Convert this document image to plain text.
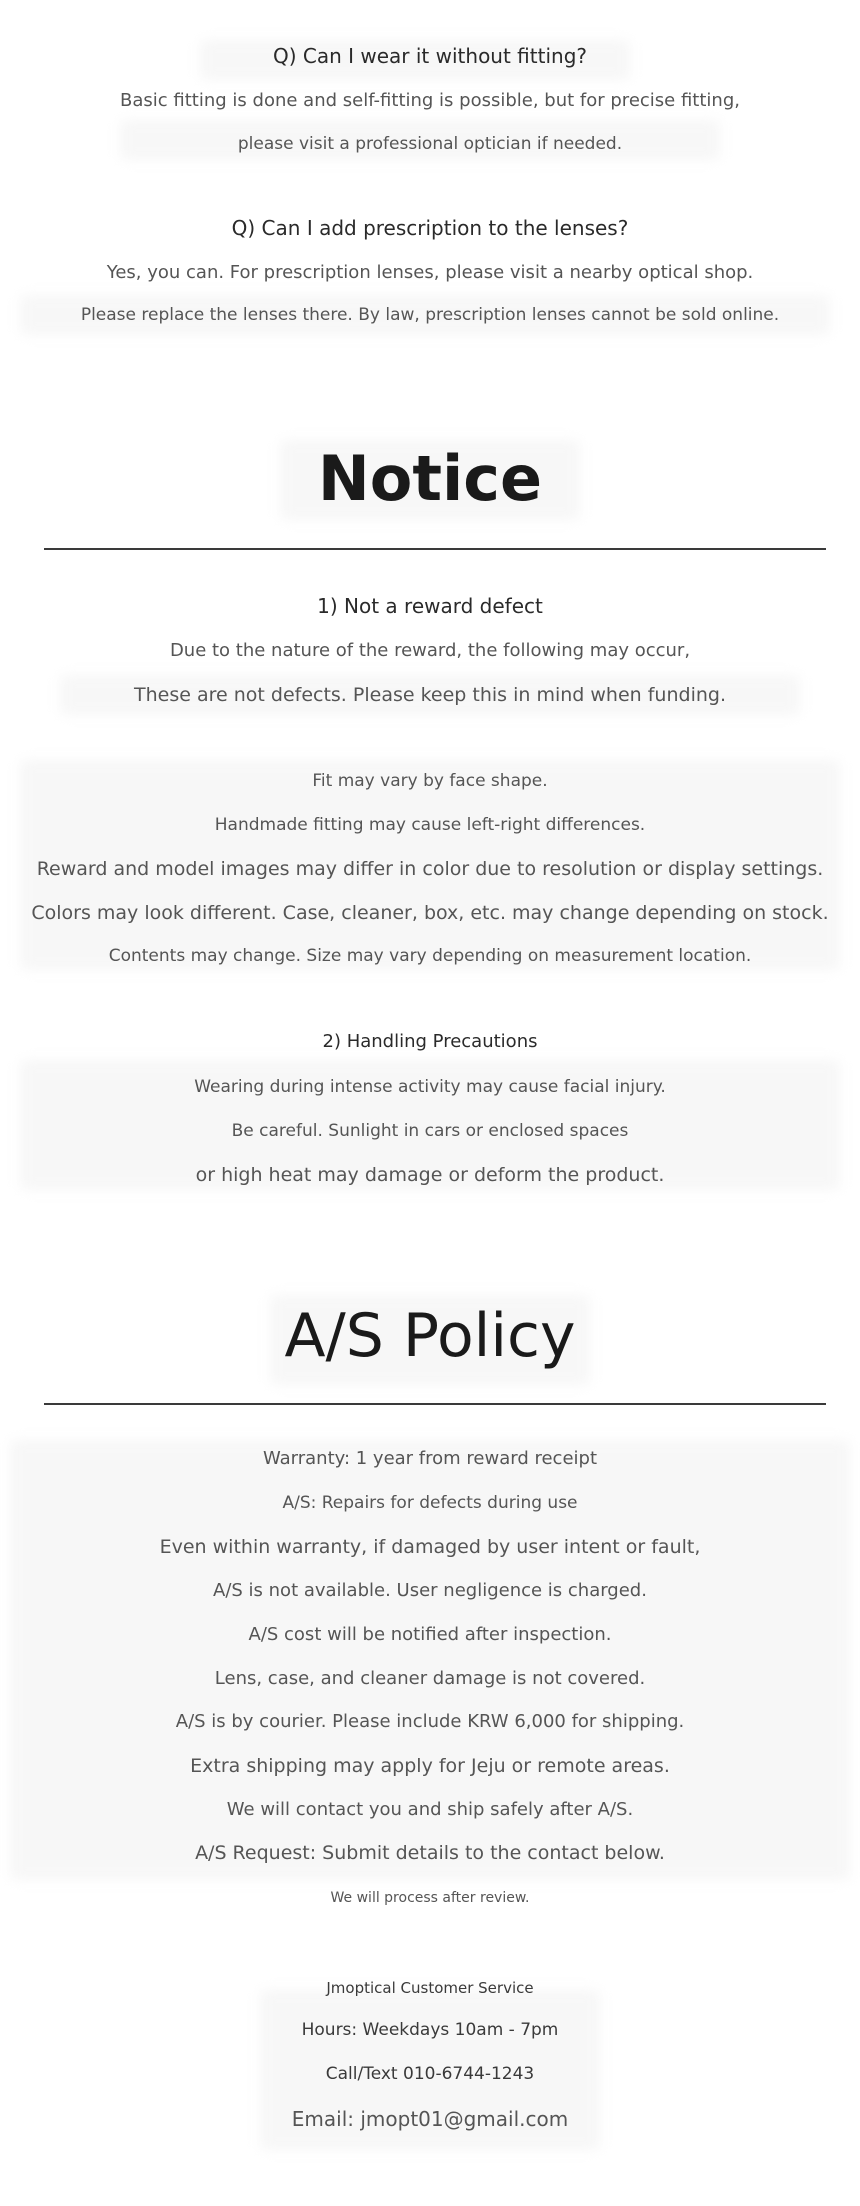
Q) Can I wear it without fitting?
Basic fitting is done and self-fitting is possible, but for precise fitting,
please visit a professional optician if needed.
Q) Can I add prescription to the lenses?
Yes, you can. For prescription lenses, please visit a nearby optical shop.
Please replace the lenses there. By law, prescription lenses cannot be sold online.
Notice
1) Not a reward defect
Due to the nature of the reward, the following may occur,
These are not defects. Please keep this in mind when funding.
Fit may vary by face shape.
Handmade fitting may cause left-right differences.
Reward and model images may differ in color due to resolution or display settings.
Colors may look different. Case, cleaner, box, etc. may change depending on stock.
Contents may change. Size may vary depending on measurement location.
2) Handling Precautions
Wearing during intense activity may cause facial injury.
Be careful. Sunlight in cars or enclosed spaces
or high heat may damage or deform the product.
A/S Policy
Warranty: 1 year from reward receipt
A/S: Repairs for defects during use
Even within warranty, if damaged by user intent or fault,
A/S is not available. User negligence is charged.
A/S cost will be notified after inspection.
Lens, case, and cleaner damage is not covered.
A/S is by courier. Please include KRW 6,000 for shipping.
Extra shipping may apply for Jeju or remote areas.
We will contact you and ship safely after A/S.
A/S Request: Submit details to the contact below.
We will process after review.
Jmoptical Customer Service
Hours: Weekdays 10am - 7pm
Call/Text 010-6744-1243
Email: jmopt01@gmail.com
